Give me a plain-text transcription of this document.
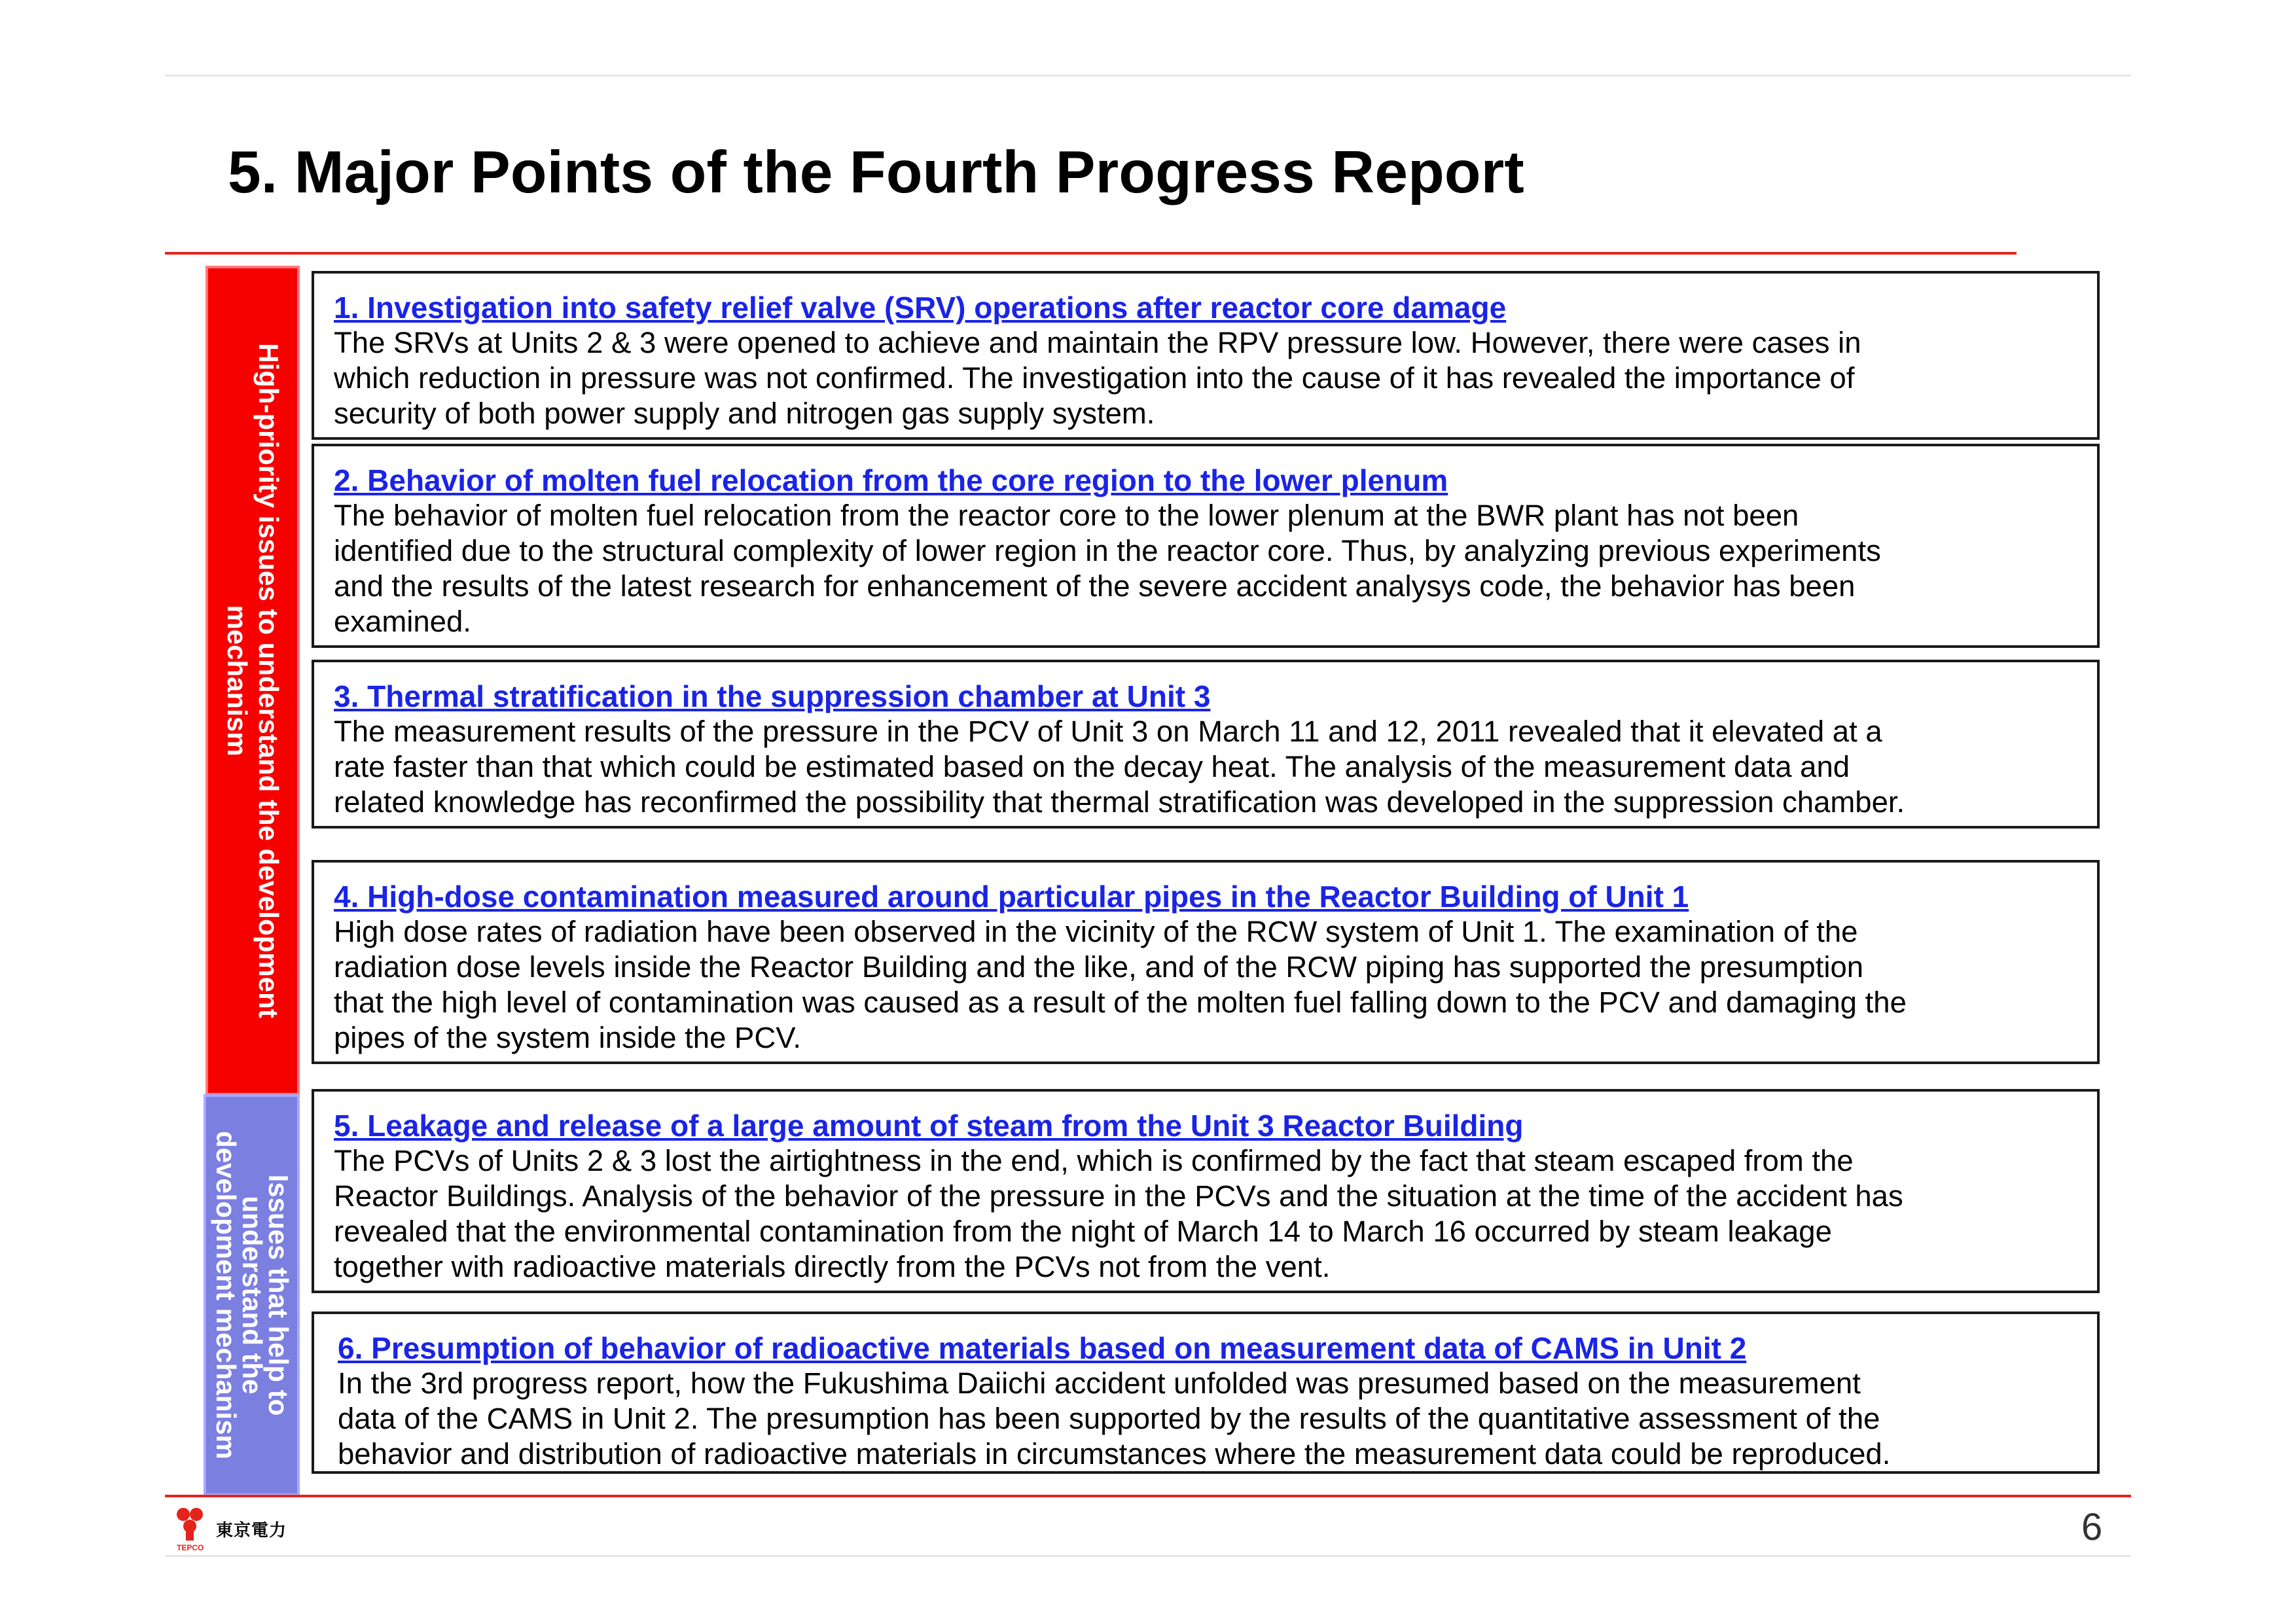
5. Major Points of the Fourth Progress Report
High-priority issues to understand the development
mechanism
Issues that help to
understand the
development mechanism
1. Investigation into safety relief valve (SRV) operations after reactor core damage
The SRVs at Units 2 & 3 were opened to achieve and maintain the RPV pressure low. However, there were cases in
which reduction in pressure was not confirmed. The investigation into the cause of it has revealed the importance of
security of both power supply and nitrogen gas supply system.
2. Behavior of molten fuel relocation from the core region to the lower plenum
The behavior of molten fuel relocation from the reactor core to the lower plenum at the BWR plant has not been
identified due to the structural complexity of lower region in the reactor core. Thus, by analyzing previous experiments
and the results of the latest research for enhancement of the severe accident analysys code, the behavior has been
examined.
3. Thermal stratification in the suppression chamber at Unit 3
The measurement results of the pressure in the PCV of Unit 3 on March 11 and 12, 2011 revealed that it elevated at a
rate faster than that which could be estimated based on the decay heat. The analysis of the measurement data and
related knowledge has reconfirmed the possibility that thermal stratification was developed in the suppression chamber.
4. High-dose contamination measured around particular pipes in the Reactor Building of Unit 1
High dose rates of radiation have been observed in the vicinity of the RCW system of Unit 1. The examination of the
radiation dose levels inside the Reactor Building and the like, and of the RCW piping has supported the presumption
that the high level of contamination was caused as a result of the molten fuel falling down to the PCV and damaging the
pipes of the system inside the PCV.
5. Leakage and release of a large amount of steam from the Unit 3 Reactor Building
The PCVs of Units 2 & 3 lost the airtightness in the end, which is confirmed by the fact that steam escaped from the
Reactor Buildings. Analysis of the behavior of the pressure in the PCVs and the situation at the time of the accident has
revealed that the environmental contamination from the night of March 14 to March 16 occurred by steam leakage
together with radioactive materials directly from the PCVs not from the vent.
6. Presumption of behavior of radioactive materials based on measurement data of CAMS in Unit 2
In the 3rd progress report, how the Fukushima Daiichi accident unfolded was presumed based on the measurement
data of the CAMS in Unit 2. The presumption has been supported by the results of the quantitative assessment of the
behavior and distribution of radioactive materials in circumstances where the measurement data could be reproduced.
東京電力
TEPCO	6
